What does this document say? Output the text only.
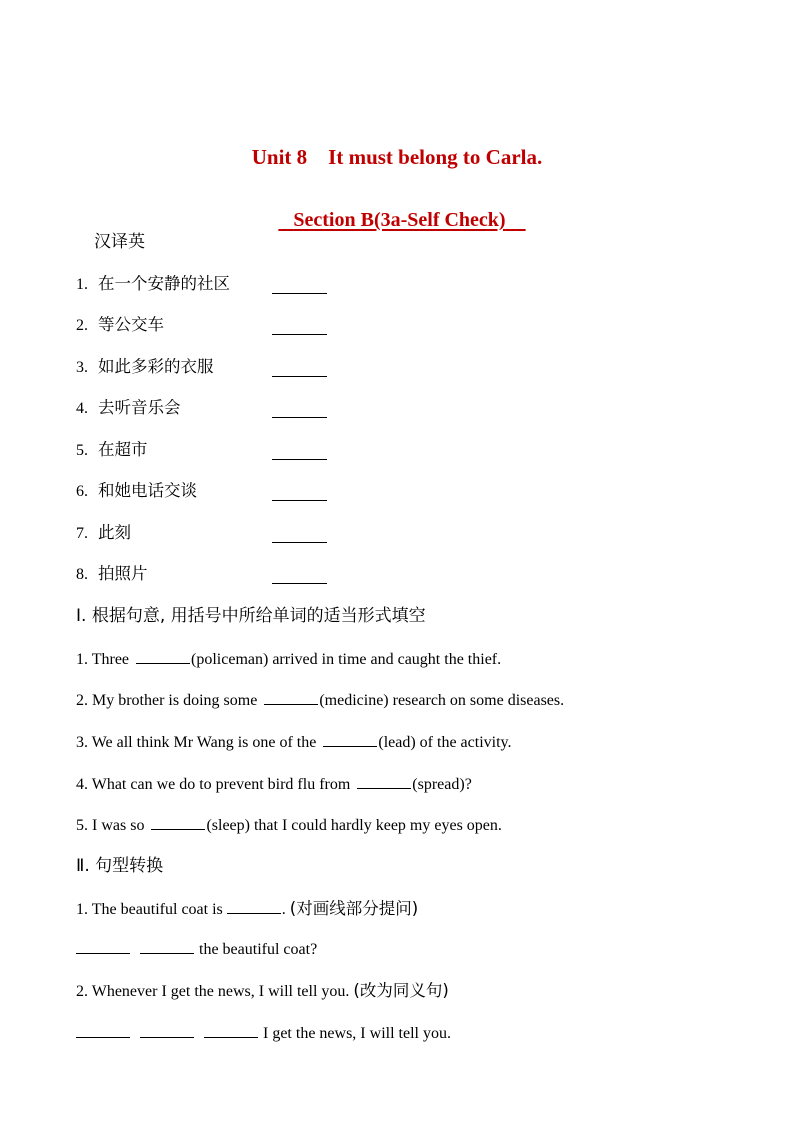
Unit 8    It must belong to Carla.

Section B(3a-Self Check)

汉译英
1. 在一个安静的社区
2. 等公交车
3. 如此多彩的衣服
4. 去听音乐会
5. 在超市
6. 和她电话交谈
7. 此刻
8. 拍照片
Ⅰ. 根据句意, 用括号中所给单词的适当形式填空
1. Three	(policeman) arrived in time and caught the thief.
2. My brother is doing some	(medicine) research on some diseases.
3. We all think Mr Wang is one of the	(lead) of the activity.
4. What can we do to prevent bird flu from	(spread)?
5. I was so	(sleep) that I could hardly keep my eyes open.
Ⅱ. 句型转换
1. The beautiful coat is	. (对画线部分提问)
the beautiful coat?
2. Whenever I get the news, I will tell you. (改为同义句)
I get the news, I will tell you.
